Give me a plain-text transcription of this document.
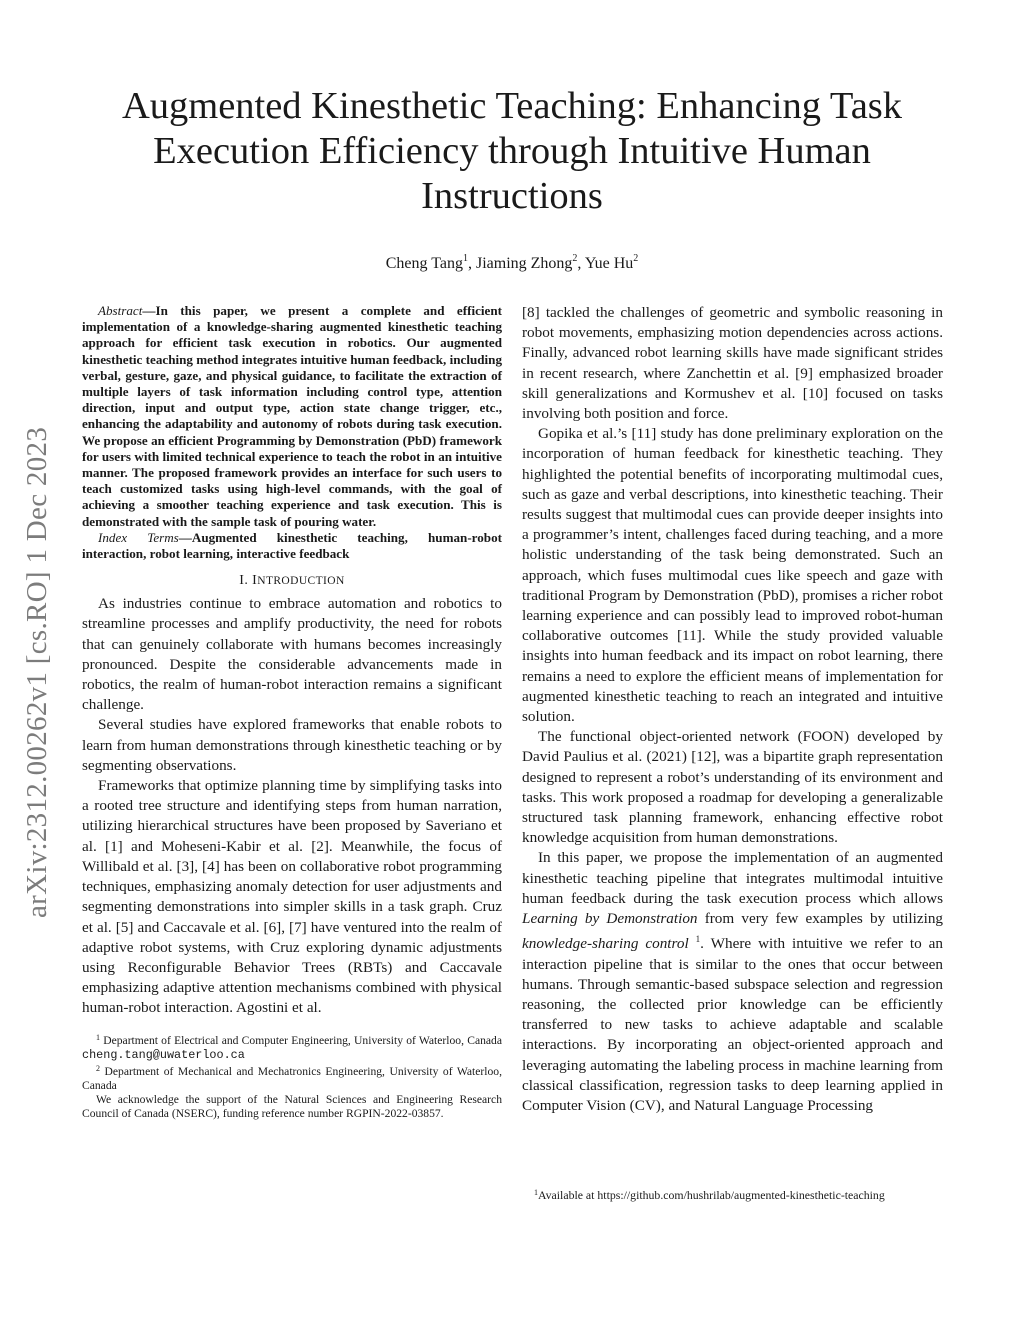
arXiv:2312.00262v1 [cs.RO] 1 Dec 2023
Augmented Kinesthetic Teaching: Enhancing Task
Execution Efficiency through Intuitive Human
Instructions
Cheng Tang$^1$, Jiaming Zhong$^2$, Yue Hu$^2$
Abstract—In this paper, we present a complete and efficient implementation of a knowledge-sharing augmented kinesthetic teaching approach for efficient task execution in robotics. Our augmented kinesthetic teaching method integrates intuitive human feedback, including verbal, gesture, gaze, and physical guidance, to facilitate the extraction of multiple layers of task information including control type, attention direction, input and output type, action state change trigger, etc., enhancing the adaptability and autonomy of robots during task execution. We propose an efficient Programming by Demonstration (PbD) framework for users with limited technical experience to teach the robot in an intuitive manner. The proposed framework provides an interface for such users to teach customized tasks using high-level commands, with the goal of achieving a smoother teaching experience and task execution. This is demonstrated with the sample task of pouring water.
Index Terms—Augmented kinesthetic teaching, human-robot interaction, robot learning, interactive feedback
I. INTRODUCTION

As industries continue to embrace automation and robotics to streamline processes and amplify productivity, the need for robots that can genuinely collaborate with humans becomes increasingly pronounced. Despite the considerable advancements made in robotics, the realm of human-robot interaction remains a significant challenge.

Several studies have explored frameworks that enable robots to learn from human demonstrations through kinesthetic teaching or by segmenting observations.

Frameworks that optimize planning time by simplifying tasks into a rooted tree structure and identifying steps from human narration, utilizing hierarchical structures have been proposed by Saveriano et al. [1] and Moheseni-Kabir et al. [2]. Meanwhile, the focus of Willibald et al. [3], [4] has been on collaborative robot programming techniques, emphasizing anomaly detection for user adjustments and segmenting demonstrations into simpler skills in a task graph. Cruz et al. [5] and Caccavale et al. [6], [7] have ventured into the realm of adaptive robot systems, with Cruz exploring dynamic adjustments using Reconfigurable Behavior Trees (RBTs) and Caccavale emphasizing adaptive attention mechanisms combined with physical human-robot interaction. Agostini et al.

$^1$ Department of Electrical and Computer Engineering, University of Waterloo, Canada cheng.tang@uwaterloo.ca

$^2$ Department of Mechanical and Mechatronics Engineering, University of Waterloo, Canada

We acknowledge the support of the Natural Sciences and Engineering Research Council of Canada (NSERC), funding reference number RGPIN-2022-03857.

[8] tackled the challenges of geometric and symbolic reasoning in robot movements, emphasizing motion dependencies across actions. Finally, advanced robot learning skills have made significant strides in recent research, where Zanchettin et al. [9] emphasized broader skill generalizations and Kormushev et al. [10] focused on tasks involving both position and force.

Gopika et al.’s [11] study has done preliminary exploration on the incorporation of human feedback for kinesthetic teaching. They highlighted the potential benefits of incorporating multimodal cues, such as gaze and verbal descriptions, into kinesthetic teaching. Their results suggest that multimodal cues can provide deeper insights into a programmer’s intent, challenges faced during teaching, and a more holistic understanding of the task being demonstrated. Such an approach, which fuses multimodal cues like speech and gaze with traditional Program by Demonstration (PbD), promises a richer robot learning experience and can possibly lead to improved robot-human collaborative outcomes [11]. While the study provided valuable insights into human feedback and its impact on robot learning, there remains a need to explore the efficient means of implementation for augmented kinesthetic teaching to reach an integrated and intuitive solution.

The functional object-oriented network (FOON) developed by David Paulius et al. (2021) [12], was a bipartite graph representation designed to represent a robot’s understanding of its environment and tasks. This work proposed a roadmap for developing a generalizable structured task planning framework, enhancing effective robot knowledge acquisition from human demonstrations.

In this paper, we propose the implementation of an augmented kinesthetic teaching pipeline that integrates multimodal intuitive human feedback during the task execution process which allows Learning by Demonstration from very few examples by utilizing knowledge-sharing control $^1$. Where with intuitive we refer to an interaction pipeline that is similar to the ones that occur between humans. Through semantic-based subspace selection and regression reasoning, the collected prior knowledge can be efficiently transferred to new tasks to achieve adaptable and scalable interactions. By incorporating an object-oriented approach and leveraging automating the labeling process in machine learning from classical classification, regression tasks to deep learning applied in Computer Vision (CV), and Natural Language Processing

$^1$Available at https://github.com/hushrilab/augmented-kinesthetic-teaching
